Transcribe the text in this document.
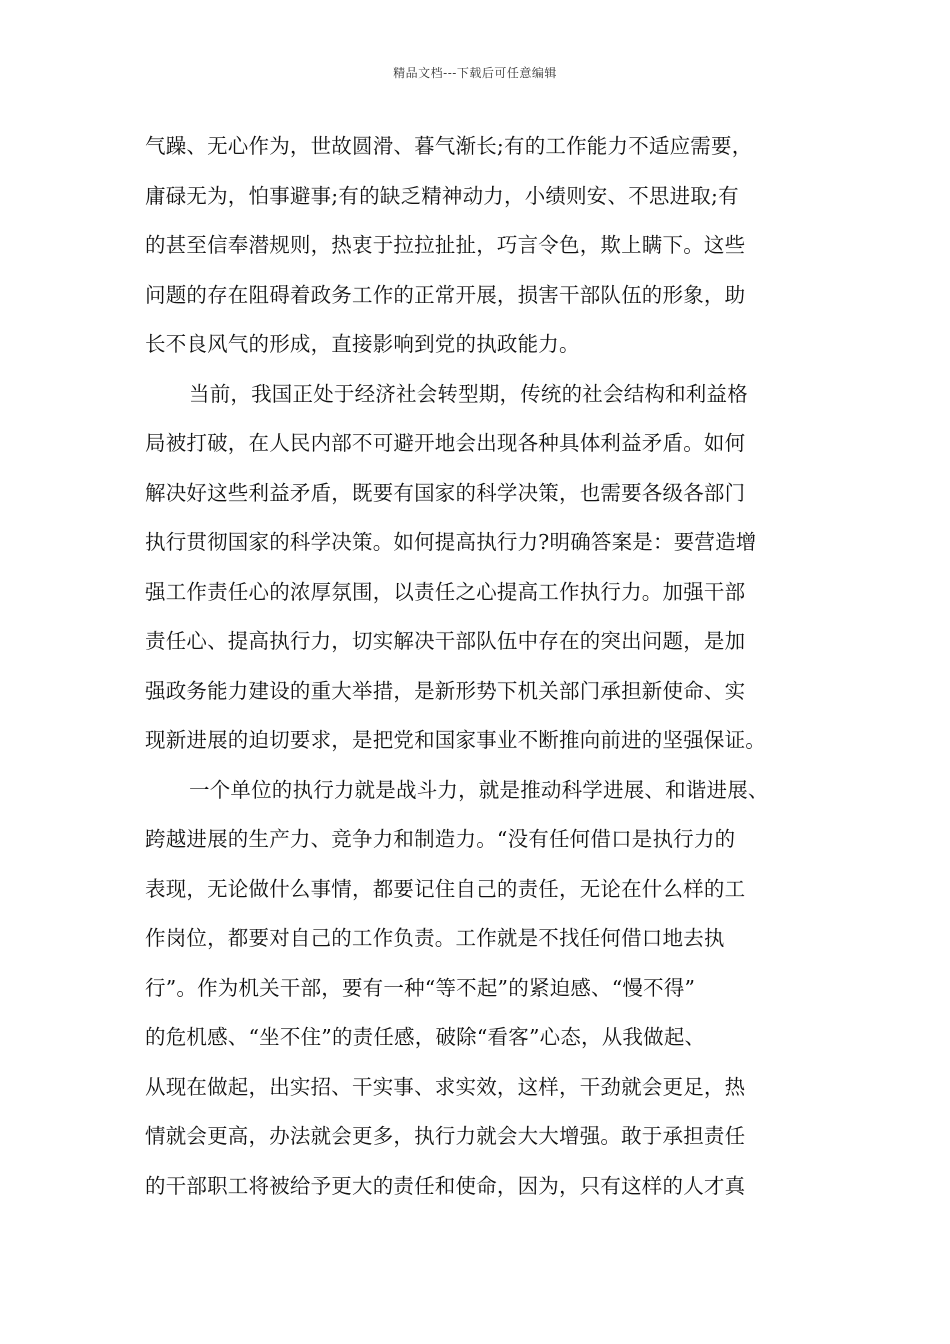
精品文档---下载后可任意编辑
气躁、无心作为，世故圆滑、暮气渐长;有的工作能力不适应需要，
庸碌无为，怕事避事;有的缺乏精神动力，小绩则安、不思进取;有
的甚至信奉潜规则，热衷于拉拉扯扯，巧言令色，欺上瞒下。这些
问题的存在阻碍着政务工作的正常开展，损害干部队伍的形象，助
长不良风气的形成，直接影响到党的执政能力。
当前，我国正处于经济社会转型期，传统的社会结构和利益格
局被打破，在人民内部不可避开地会出现各种具体利益矛盾。如何
解决好这些利益矛盾，既要有国家的科学决策，也需要各级各部门
执行贯彻国家的科学决策。如何提高执行力?明确答案是：要营造增
强工作责任心的浓厚氛围，以责任之心提高工作执行力。加强干部
责任心、提高执行力，切实解决干部队伍中存在的突出问题，是加
强政务能力建设的重大举措，是新形势下机关部门承担新使命、实
现新进展的迫切要求，是把党和国家事业不断推向前进的坚强保证。
一个单位的执行力就是战斗力，就是推动科学进展、和谐进展、
跨越进展的生产力、竞争力和制造力。“没有任何借口是执行力的
表现，无论做什么事情，都要记住自己的责任，无论在什么样的工
作岗位，都要对自己的工作负责。工作就是不找任何借口地去执
行”。作为机关干部，要有一种“等不起”的紧迫感、“慢不得”
的危机感、“坐不住”的责任感，破除“看客”心态，从我做起、
从现在做起，出实招、干实事、求实效，这样，干劲就会更足，热
情就会更高，办法就会更多，执行力就会大大增强。敢于承担责任
的干部职工将被给予更大的责任和使命，因为，只有这样的人才真
